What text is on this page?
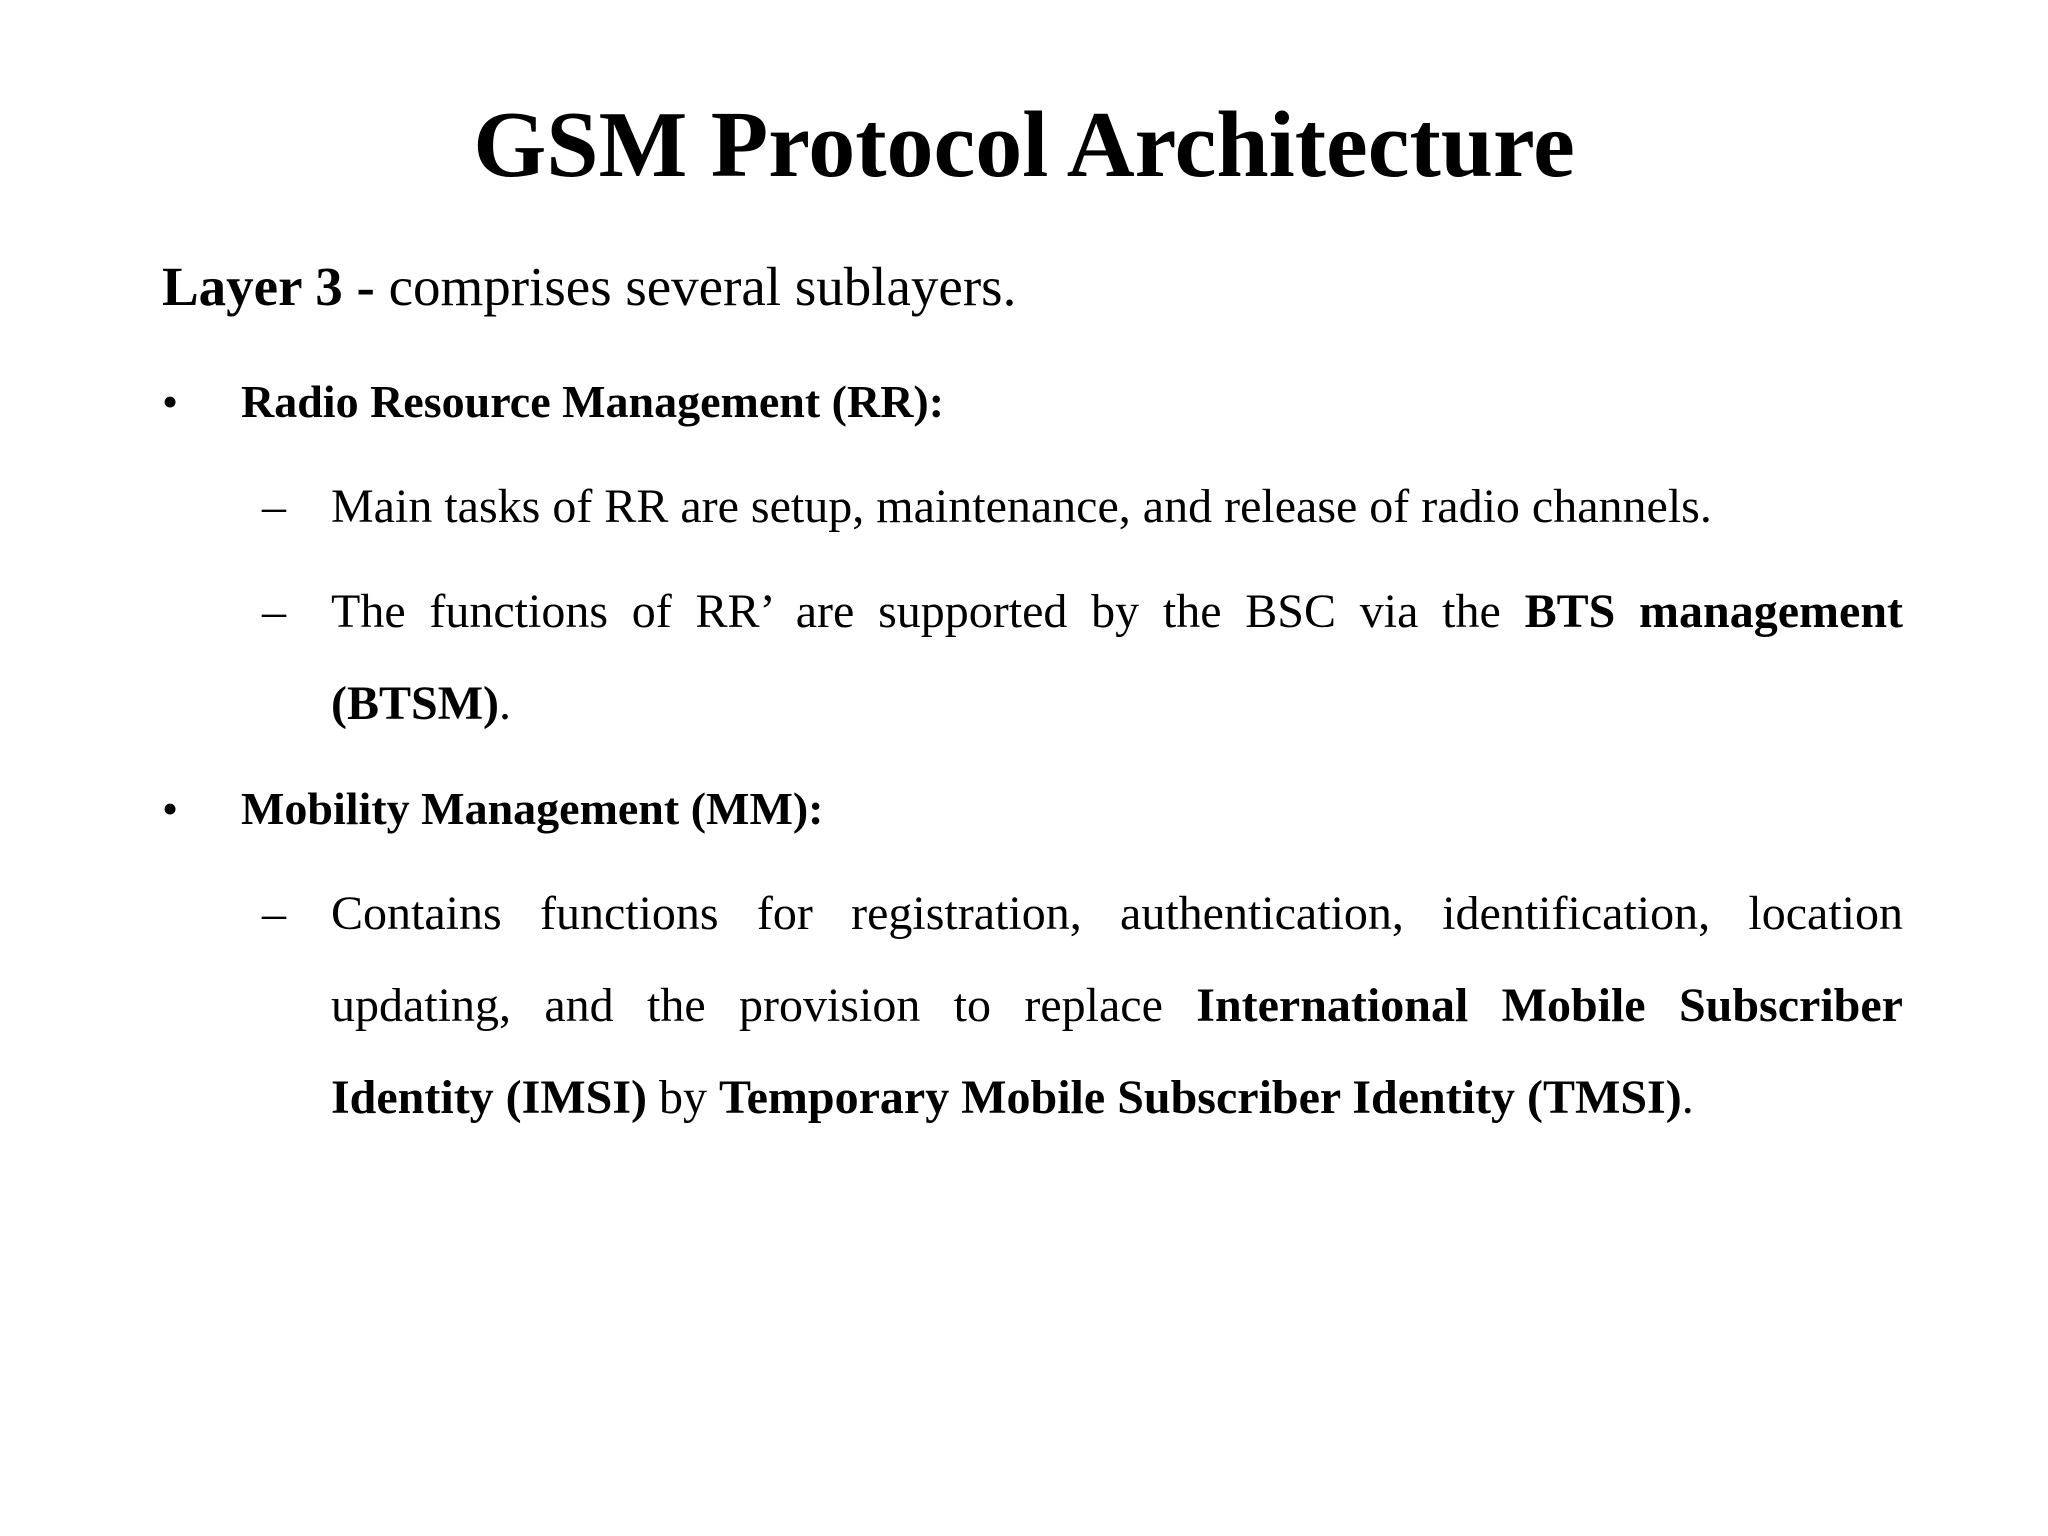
GSM Protocol Architecture

Layer 3 - comprises several sublayers.

• Radio Resource Management (RR):
– Main tasks of RR are setup, maintenance, and release of radio channels.
– The functions of RR’ are supported by the BSC via the BTS management (BTSM).
• Mobility Management (MM):
– Contains functions for registration, authentication, identification, location updating, and the provision to replace International Mobile Subscriber Identity (IMSI) by Temporary Mobile Subscriber Identity (TMSI).
